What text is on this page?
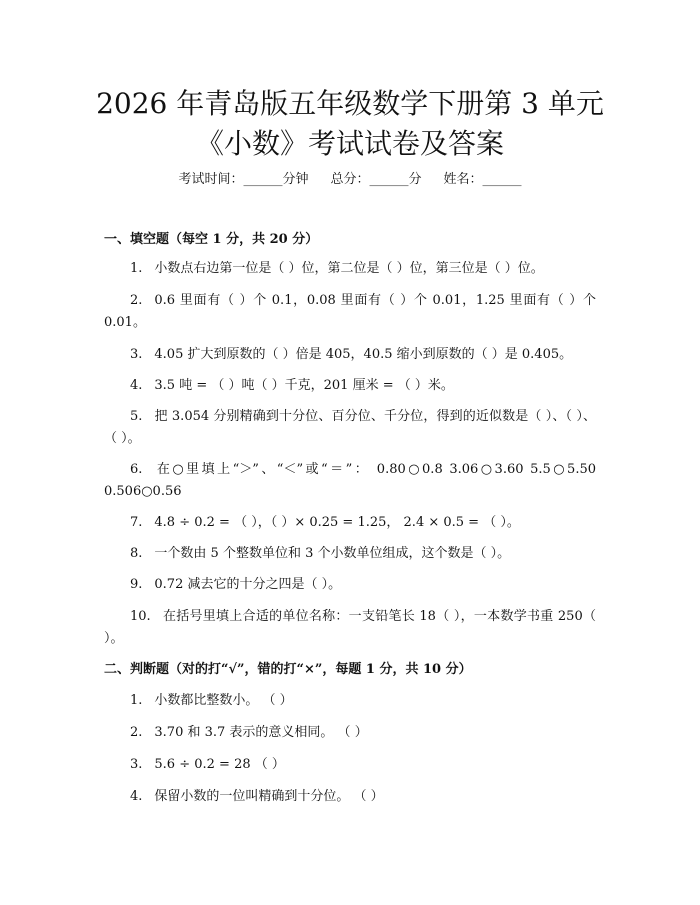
2026 年青岛版五年级数学下册第 3 单元《小数》考试试卷及答案
考试时间：______分钟 总分：______分 姓名：______
一、填空题（每空 1 分，共 20 分）

1. 小数点右边第一位是（ ）位，第二位是（ ）位，第三位是（ ）位。

2. 0.6 里面有（ ）个 0.1，0.08 里面有（ ）个 0.01，1.25 里面有（ ）个 0.01。

3. 4.05 扩大到原数的（ ）倍是 405，40.5 缩小到原数的（ ）是 0.405。

4. 3.5 吨 = （ ）吨（ ）千克，201 厘米 = （ ）米。

5. 把 3.054 分别精确到十分位、百分位、千分位，得到的近似数是（ ）、（ ）、（ ）。

6. 在○里填上“＞”、“＜”或“＝”： 0.80○0.8 3.06○3.60 5.5○5.50 0.506○0.56

7. 4.8 ÷ 0.2 = （ ），（ ）× 0.25 = 1.25， 2.4 × 0.5 = （ ）。

8. 一个数由 5 个整数单位和 3 个小数单位组成，这个数是（ ）。

9. 0.72 减去它的十分之四是（ ）。

10. 在括号里填上合适的单位名称：一支铅笔长 18（ ），一本数学书重 250（ ）。

二、判断题（对的打“√”，错的打“×”，每题 1 分，共 10 分）

1. 小数都比整数小。 （ ）

2. 3.70 和 3.7 表示的意义相同。 （ ）

3. 5.6 ÷ 0.2 = 28 （ ）

4. 保留小数的一位叫精确到十分位。 （ ）
